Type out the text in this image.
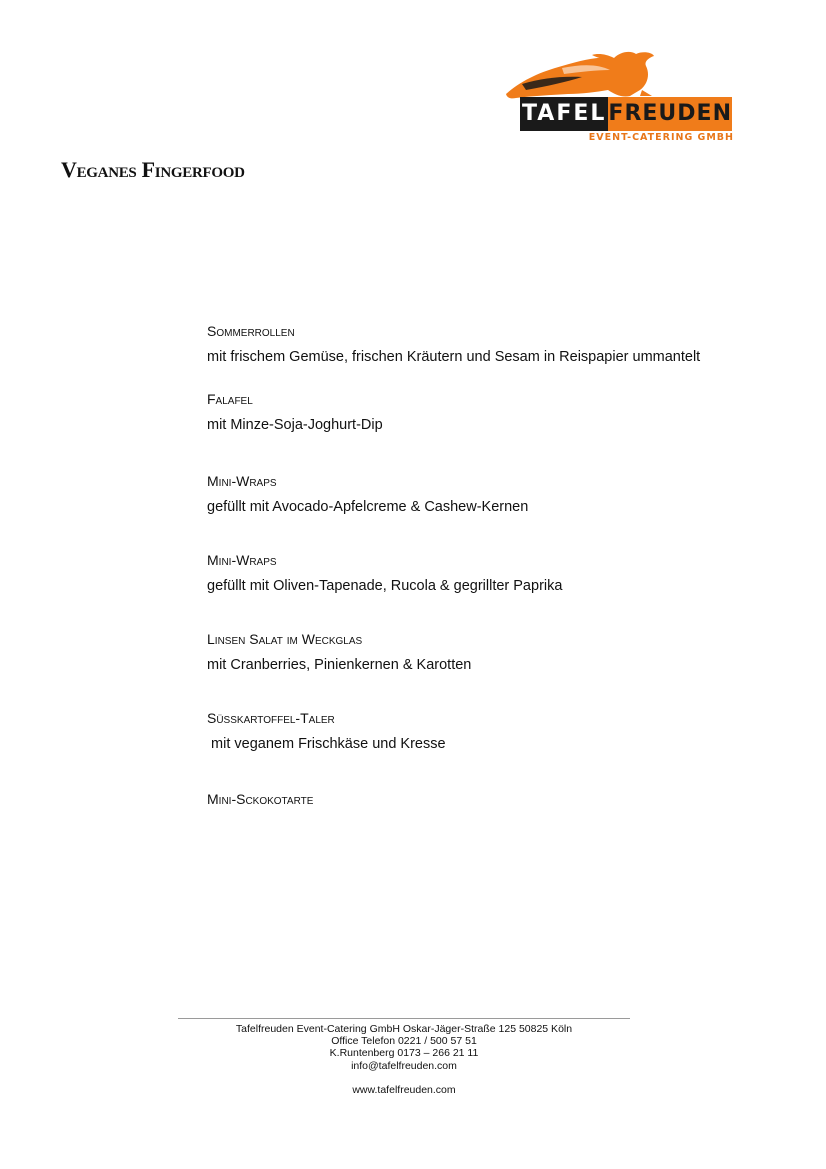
TAFEL FREUDEN
EVENT-CATERING GMBH
Veganes Fingerfood

Sommerrollen

mit frischem Gemüse, frischen Kräutern und Sesam in Reispapier ummantelt

Falafel

mit Minze-Soja-Joghurt-Dip

Mini-Wraps

gefüllt mit Avocado-Apfelcreme & Cashew-Kernen

Mini-Wraps

gefüllt mit Oliven-Tapenade, Rucola & gegrillter Paprika

Linsen Salat im Weckglas

mit Cranberries, Pinienkernen & Karotten

Süsskartoffel-Taler

mit veganem Frischkäse und Kresse

Mini-Sckokotarte

Tafelfreuden Event-Catering GmbH Oskar-Jäger-Straße 125 50825 Köln

Office Telefon 0221 / 500 57 51

K.Runtenberg 0173 – 266 21 11

info@tafelfreuden.com

www.tafelfreuden.com
